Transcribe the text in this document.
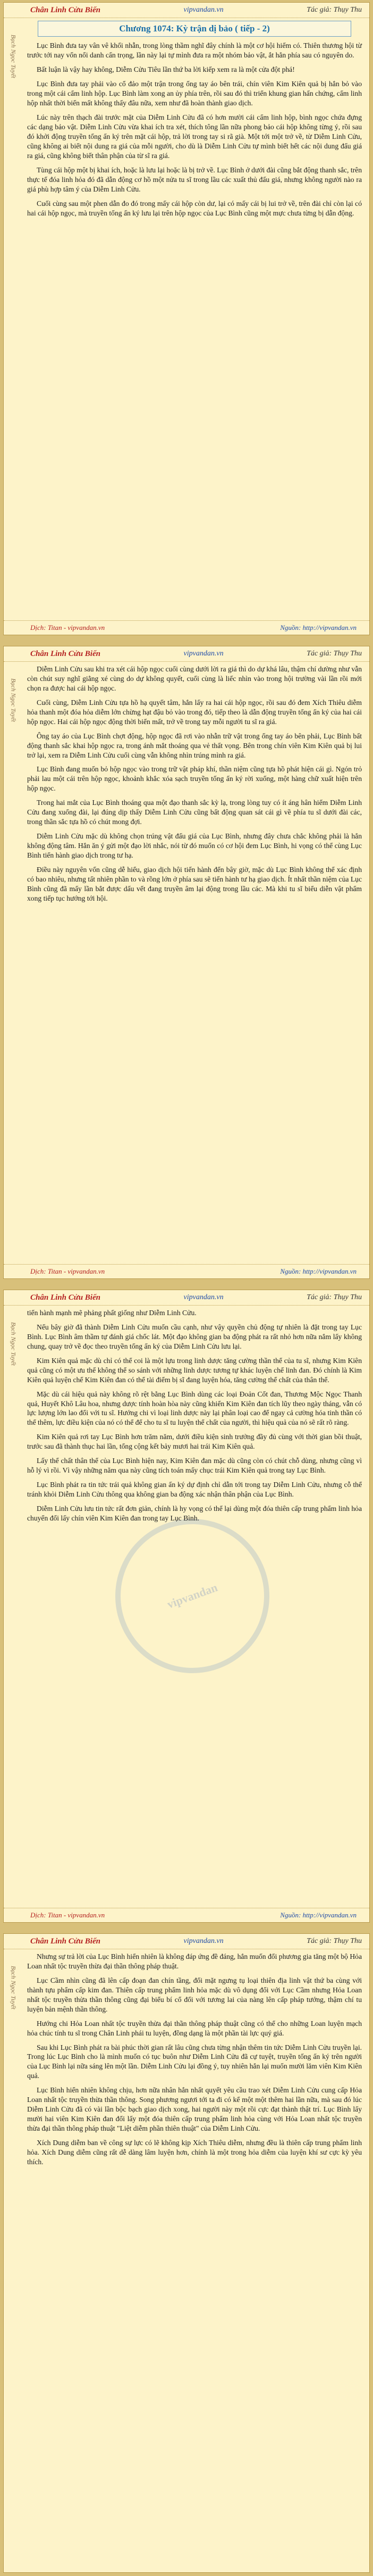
Chân Linh Cửu Biến	vipvandan.vn	Tác giả: Thụy Thu
Bạch Ngọc Tuyết
Chương 1074: Kỳ trận dị bảo ( tiếp - 2)

Lục Bình đưa tay vân vê khối nhẫn, trong lòng thầm nghĩ đây chính là một cơ hội hiếm có. Thiên thương hội từ trước tới nay vốn nổi danh cẩn trọng, lần này lại tự mình đưa ra một nhóm bảo vật, ắt hẳn phía sau có nguyên do.

Bất luận là vậy hay không, Diễm Cửu Tiêu lần thứ ba lời kiếp xem ra là một cửa đột phá!

Lục Bình đưa tay phải vào cổ đảo một trận trong ống tay áo bên trái, chín viên Kim Kiên quả bị hắn bỏ vào trong một cái cẩm linh hộp. Lục Bình làm xong an ủy phía trên, rồi sau đó thì triển khung gian hấn chứng, cẩm linh hộp nhất thời biến mất không thấy đâu nữa, xem như đã hoàn thành giao dịch.

Lúc này trên thạch đài trước mặt của Diễm Linh Cửu đã có hơn mười cái cẩm linh hộp, bình ngọc chứa đựng các dạng bảo vật. Diễm Linh Cửu vừa khai ích tra xét, thích tông lần nữa phong bảo cái hộp không từng ý, rồi sau đó khởi động truyền tống ấn ký trên mặt cái hộp, trả lời trong tay si rã già. Một tới một trở về, từ Diễm Linh Cửu, cũng không ai biết nội dung ra giá của mỗi người, cho dù là Diễm Linh Cửu tự mình biết hết các nội dung đấu giá ra giá, cũng không biết thân phận của từ sĩ ra giá.

Tùng cái hộp một bị khai ích, hoặc là lưu lại hoặc là bị trở về. Lục Bình ở dưới đài cũng bắt động thanh sắc, trên thực tế đóa linh hỏa đó đã dẫn động cơ hồ một nửa tu sĩ trong lầu các xuất thủ đấu giá, nhưng không người nào ra giá phù hợp tâm ý của Diễm Linh Cửu.

Cuối cùng sau một phen dẫn đo đó trong mấy cái hộp còn dư, lại có mấy cái bị lui trở về, trên đài chỉ còn lại có hai cái hộp ngọc, mà truyền tống ấn ký lưu lại trên hộp ngọc của Lục Bình cũng một mực chưa từng bị dẫn động.

Dịch: Titan - vipvandan.vn	Nguồn: http://vipvandan.vn
Chân Linh Cửu Biến	vipvandan.vn	Tác giả: Thụy Thu
Bạch Ngọc Tuyết

Diễm Linh Cửu sau khi tra xét cái hộp ngọc cuối cùng dưới lời ra giá thì do dự khá lâu, thậm chí dường như vẫn còn chút suy nghĩ giằng xé cùng do dự không quyết, cuối cùng là liếc nhìn vào trong hội trường vài lần rồi mới chọn ra được hai cái hộp ngọc.

Cuối cùng, Diễm Linh Cửu tựa hồ hạ quyết tâm, hắn lấy ra hai cái hộp ngọc, rồi sau đó đem Xích Thiêu diễm hỏa thanh một đóa hỏa diễm lớn chừng hạt đậu bỏ vào trong đó, tiếp theo là dẫn động truyền tống ấn ký của hai cái hộp ngọc. Hai cái hộp ngọc động thời biến mất, trở về trong tay mỗi người tu sĩ ra giá.

Ông tay áo của Lục Bình chợt động, hộp ngọc đã rơi vào nhẫn trữ vật trong ống tay áo bên phải, Lục Bình bất động thanh sắc khai hộp ngọc ra, trong ánh mắt thoáng qua vẻ thất vọng. Bên trong chín viên Kim Kiên quả bị lui trở lại, xem ra Diễm Linh Cửu cuối cùng vẫn không nhìn trúng mình ra giá.

Lục Bình đang muốn bỏ hộp ngọc vào trong trữ vật pháp khí, thần niệm cũng tựa hồ phát hiện cái gì. Ngón trỏ phải lau một cái trên hộp ngọc, khoảnh khắc xóa sạch truyền tống ấn ký rời xuống, một hàng chữ xuất hiện trên hộp ngọc.

Trong hai mắt của Lục Bình thoáng qua một đạo thanh sắc kỳ lạ, trong lòng tuy có ít áng hân hiếm Diễm Linh Cửu đang xuống đài, lại đúng dịp thấy Diễm Linh Cửu cũng bất động quan sát cái gì về phía tu sĩ dưới đài các, trong thần sắc tựa hồ có chút mong đợi.

Diễm Linh Cửu mặc dù không chọn trúng vật đấu giá của Lục Bình, nhưng đây chưa chắc không phải là hắn không động tâm. Hắn ăn ý gửi một đạo lời nhắc, nói từ đó muốn có cơ hội đem Lục Bình, hi vọng có thể cùng Lục Bình tiến hành giao dịch trong tư hạ.

Điều này nguyên vốn cũng dễ hiểu, giao dịch hội tiến hành đến bây giờ, mặc dù Lục Bình không thể xác định có bao nhiêu, nhưng tất nhiên phần to và rồng lớn ở phía sau sẽ tiến hành tư hạ giao dịch. Ít nhất thần niệm của Lục Bình cũng đã mấy lần bắt được dấu vết đang truyền âm lại động trong lầu các. Mà khi tu sĩ biểu diễn vật phẩm xong tiếp tục hướng tới hội.

Dịch: Titan - vipvandan.vn	Nguồn: http://vipvandan.vn
Chân Linh Cửu Biến	vipvandan.vn	Tác giả: Thụy Thu
Bạch Ngọc Tuyết
vipvandan

tiến hành mạnh mẽ phảng phất giống như Diễm Linh Cửu.

Nếu bây giờ đã thành Diễm Linh Cửu muốn cầu cạnh, như vậy quyền chủ động tự nhiên là đặt trong tay Lục Bình. Lục Bình âm thầm tự đánh giá chốc lát. Một đạo không gian ba động phát ra rất nhỏ hơn nữa nắm lấy không chung, quay trở về đọc theo truyền tống ấn ký của Diễm Linh Cửu lưu lại.

Kim Kiên quả mặc dù chỉ có thể coi là một lựu trong linh dược tăng cường thần thể của tu sĩ, nhưng Kim Kiên quả cũng có một ưu thế không thể so sánh với những linh dược tương tự khác luyện chế linh đan. Đó chính là Kim Kiên quả luyện chế Kim Kiên đan có thể tài điểm bị sĩ đang luyện hóa, tăng cường thể chất của thân thể.

Mặc dù cái hiệu quả này không rõ rệt bằng Lục Bình dùng các loại Đoản Cốt đan, Thương Mộc Ngọc Thanh quả, Huyết Khô Lâu hoa, nhưng dược tính hoàn hòa này cũng khiến Kim Kiên đan tích lũy theo ngày tháng, vẫn có lực lượng lớn lao đối với tu sĩ. Hướng chi vì loại linh dược này lại phân loại cao để ngay cả cường hóa tinh thần có thể thêm, lực điều kiện của nó có thể để cho tu sĩ tu luyện thể chất của người, thì hiệu quả của nó sẽ rất rõ ràng.

Kim Kiên quả rơi tay Lục Bình hơn trăm năm, dưới điều kiện sinh trưởng đầy đủ cùng với thời gian bồi thuật, trước sau đã thành thục hai lần, tổng cộng kết bảy mươi hai trái Kim Kiên quả.

Lấy thể chất thân thể của Lục Bình hiện nay, Kim Kiên đan mặc dù cũng còn có chút chỗ dùng, nhưng cũng vì hỗ lý vì rồi. Vì vậy những năm qua này cũng tích toán mấy chục trái Kim Kiên quả trong tay Lục Bình.

Lục Bình phát ra tin tức trái quả không gian ấn ký dự định chỉ dẫn tới trong tay Diễm Linh Cửu, nhưng cỗ thể tránh khỏi Diễm Linh Cửu thông qua không gian ba động xác nhận thân phận của Lục Bình.

Diễm Linh Cửu lưu tin tức rất đơn giản, chính là hy vọng có thể lại dùng một đóa thiên cấp trung phẩm linh hỏa chuyển đổi lấy chín viên Kim Kiên đan trong tay Lục Bình.

Dịch: Titan - vipvandan.vn	Nguồn: http://vipvandan.vn
Chân Linh Cửu Biến	vipvandan.vn	Tác giả: Thụy Thu
Bạch Ngọc Tuyết

Nhưng sự trả lời của Lục Bình hiển nhiên là không đáp ứng đề đáng, hắn muốn đổi phương gia tăng một bộ Hỏa Loan nhất tộc truyền thừa đại thần thông pháp thuật.

Lục Cầm nhìn cũng đã lên cấp đoạn đan chín tầng, đối mặt ngưng tụ loại thiên địa linh vật thứ ba cùng với thành tựu phẩm cấp kim đan. Thiên cấp trung phẩm linh hỏa mặc dù vô dụng đối với Lục Cầm nhưng Hỏa Loan nhất tộc truyền thừa thần thông cũng đại biểu bí cổ đối với tương lai của nàng lên cấp pháp tướng, thậm chí tu luyện bản mệnh thần thông.

Hướng chi Hỏa Loan nhất tộc truyền thừa đại thần thông pháp thuật cũng có thể cho những Loan luyện mạch hỏa chúc tính tu sĩ trong Chân Linh phái tu luyện, đồng dạng là một phần tài lực quý giá.

Sau khi Lục Bình phát ra bài phúc thời gian rất lâu cũng chưa từng nhận thêm tin tức Diễm Linh Cửu truyền lại. Trong lúc Lục Bình cho là mình muốn có tục buôn như Diễm Linh Cửu đã cự tuyệt, truyền tống ấn ký trên người của Lục Bình lại nữa sáng lên một lần. Diễm Linh Cửu lại đồng ý, tuy nhiên hắn lại muốn mười lăm viên Kim Kiên quả.

Lục Bình hiển nhiên không chịu, hơn nữa nhân hắn nhất quyết yêu cầu trao xét Diễm Linh Cửu cung cấp Hỏa Loan nhất tộc truyền thừa thần thông. Song phương ngươi tới ta đi có kể một một thêm hai lần nữa, mà sau đó lúc Diễm Linh Cửu đã có vài lần bộc bạch giao dịch xong, hai người này một rồi cực đạt thành thật trí. Lục Bình lấy mười hai viên Kim Kiên đan đổi lấy một đóa thiên cấp trung phẩm linh hỏa cùng với Hỏa Loan nhất tộc truyền thừa đại thần thông pháp thuật "Liệt diễm phần thiên thuật" của Diễm Linh Cửu.

Xích Dung diễm ban về công sự lực có lẽ không kịp Xích Thiêu diễm, nhưng đều là thiên cấp trung phẩm linh hỏa. Xích Dung diễm cũng rất dễ dàng lâm luyện hơn, chính là một trong hỏa diễm của luyện khí sư cực kỳ yêu thích.
